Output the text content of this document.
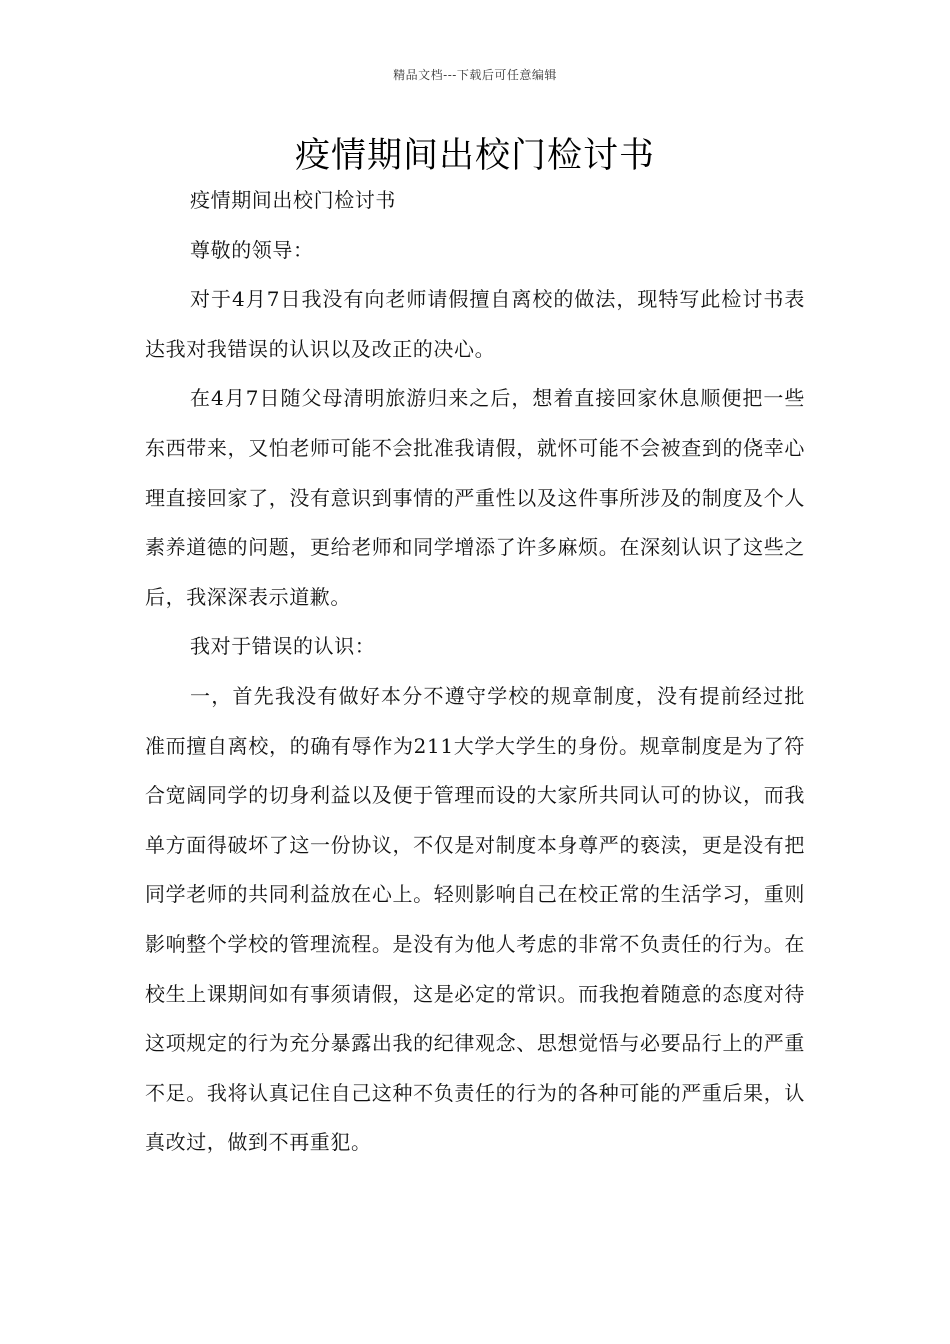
精品文档---下载后可任意编辑
疫情期间出校门检讨书

疫情期间出校门检讨书

尊敬的领导：

对于4月7日我没有向老师请假擅自离校的做法，现特写此检讨书表达我对我错误的认识以及改正的决心。

在4月7日随父母清明旅游归来之后，想着直接回家休息顺便把一些东西带来，又怕老师可能不会批准我请假，就怀可能不会被查到的侥幸心理直接回家了，没有意识到事情的严重性以及这件事所涉及的制度及个人素养道德的问题，更给老师和同学增添了许多麻烦。在深刻认识了这些之后，我深深表示道歉。

我对于错误的认识：

一，首先我没有做好本分不遵守学校的规章制度，没有提前经过批准而擅自离校，的确有辱作为211大学大学生的身份。规章制度是为了符合宽阔同学的切身利益以及便于管理而设的大家所共同认可的协议，而我单方面得破坏了这一份协议，不仅是对制度本身尊严的亵渎，更是没有把同学老师的共同利益放在心上。轻则影响自己在校正常的生活学习，重则影响整个学校的管理流程。是没有为他人考虑的非常不负责任的行为。在校生上课期间如有事须请假，这是必定的常识。而我抱着随意的态度对待这项规定的行为充分暴露出我的纪律观念、思想觉悟与必要品行上的严重不足。我将认真记住自己这种不负责任的行为的各种可能的严重后果，认真改过，做到不再重犯。
